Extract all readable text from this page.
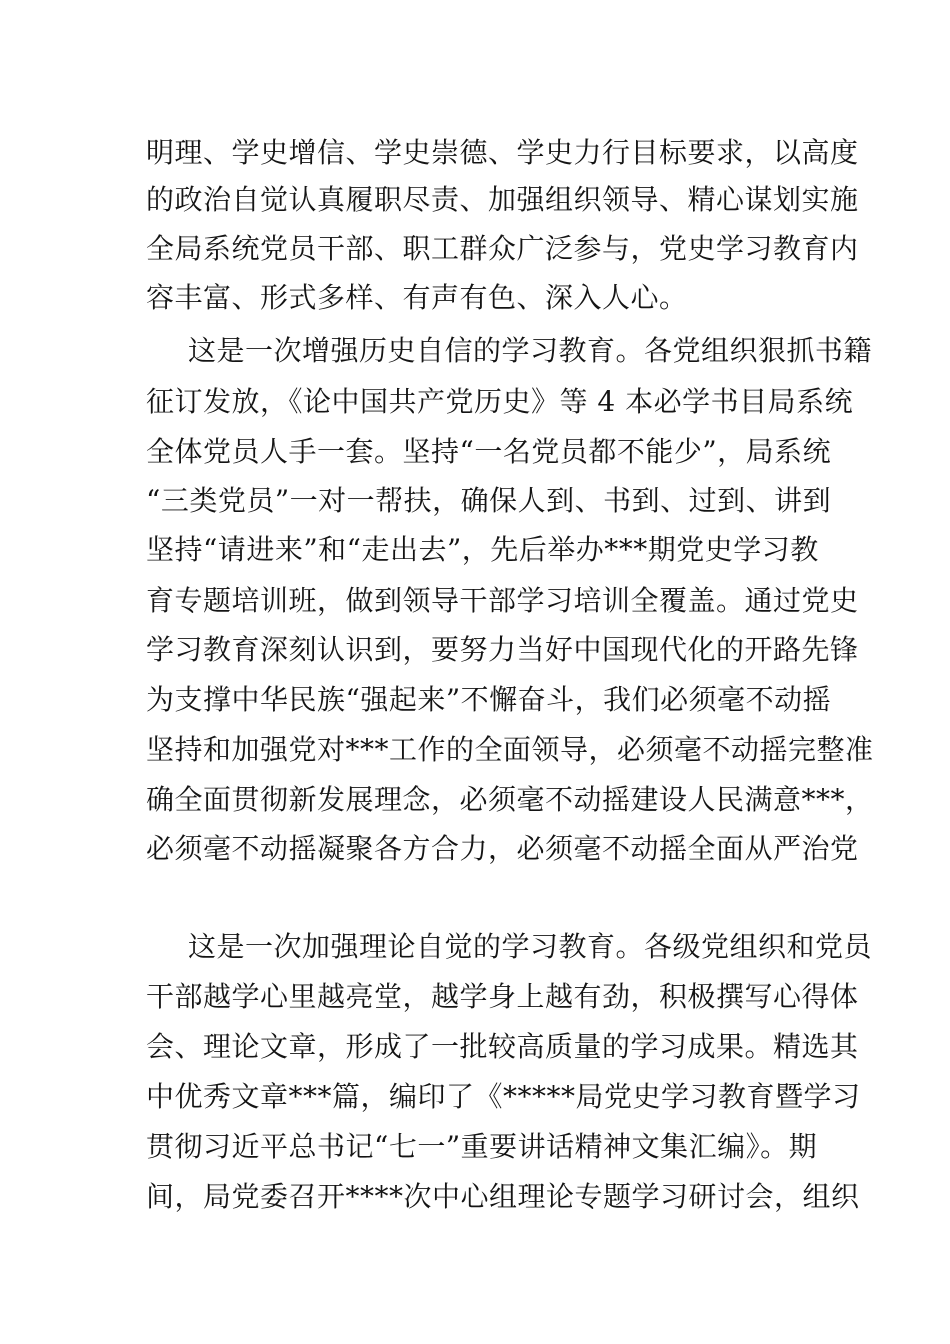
明理、学史增信、学史崇德、学史力行目标要求，以高度
的政治自觉认真履职尽责、加强组织领导、精心谋划实施
全局系统党员干部、职工群众广泛参与，党史学习教育内
容丰富、形式多样、有声有色、深入人心。
这是一次增强历史自信的学习教育。各党组织狠抓书籍
征订发放，《论中国共产党历史》等 4 本必学书目局系统
全体党员人手一套。坚持“一名党员都不能少”，局系统
“三类党员”一对一帮扶，确保人到、书到、过到、讲到
坚持“请进来”和“走出去”，先后举办***期党史学习教
育专题培训班，做到领导干部学习培训全覆盖。通过党史
学习教育深刻认识到，要努力当好中国现代化的开路先锋
为支撑中华民族“强起来”不懈奋斗，我们必须毫不动摇
坚持和加强党对***工作的全面领导，必须毫不动摇完整准
确全面贯彻新发展理念，必须毫不动摇建设人民满意***，
必须毫不动摇凝聚各方合力，必须毫不动摇全面从严治党
这是一次加强理论自觉的学习教育。各级党组织和党员
干部越学心里越亮堂，越学身上越有劲，积极撰写心得体
会、理论文章，形成了一批较高质量的学习成果。精选其
中优秀文章***篇，编印了《*****局党史学习教育暨学习
贯彻习近平总书记“七一”重要讲话精神文集汇编》。期
间，局党委召开****次中心组理论专题学习研讨会，组织
